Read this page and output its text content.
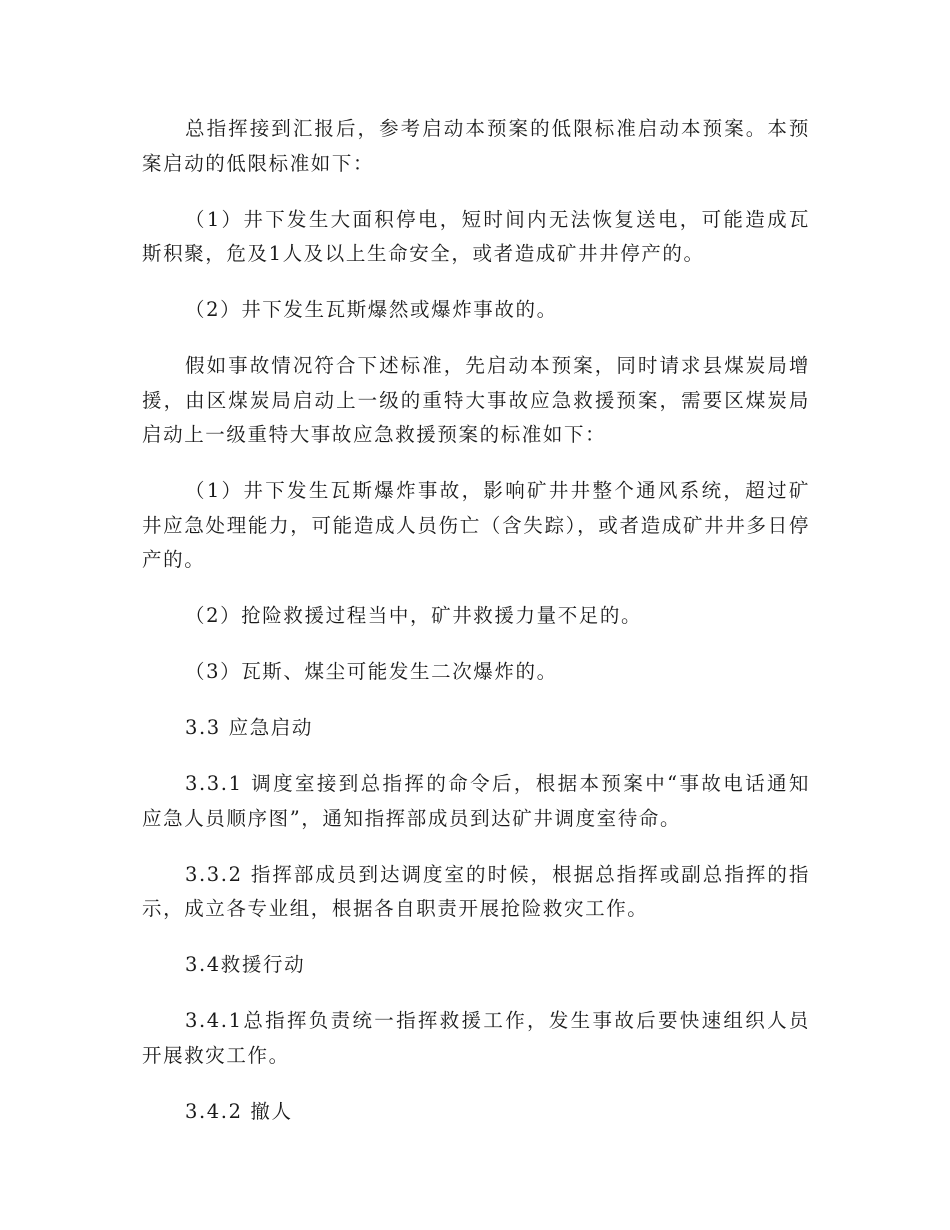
总指挥接到汇报后，参考启动本预案的低限标准启动本预案。本预案启动的低限标准如下：

（1）井下发生大面积停电，短时间内无法恢复送电，可能造成瓦斯积聚，危及1人及以上生命安全，或者造成矿井井停产的。

（2）井下发生瓦斯爆然或爆炸事故的。

假如事故情况符合下述标准，先启动本预案，同时请求县煤炭局增援，由区煤炭局启动上一级的重特大事故应急救援预案，需要区煤炭局启动上一级重特大事故应急救援预案的标准如下：

（1）井下发生瓦斯爆炸事故，影响矿井井整个通风系统，超过矿井应急处理能力，可能造成人员伤亡（含失踪），或者造成矿井井多日停产的。

（2）抢险救援过程当中，矿井救援力量不足的。

（3）瓦斯、煤尘可能发生二次爆炸的。

3.3 应急启动

3.3.1 调度室接到总指挥的命令后，根据本预案中“事故电话通知应急人员顺序图”，通知指挥部成员到达矿井调度室待命。

3.3.2 指挥部成员到达调度室的时候，根据总指挥或副总指挥的指示，成立各专业组，根据各自职责开展抢险救灾工作。

3.4救援行动

3.4.1总指挥负责统一指挥救援工作，发生事故后要快速组织人员开展救灾工作。

3.4.2 撤人
